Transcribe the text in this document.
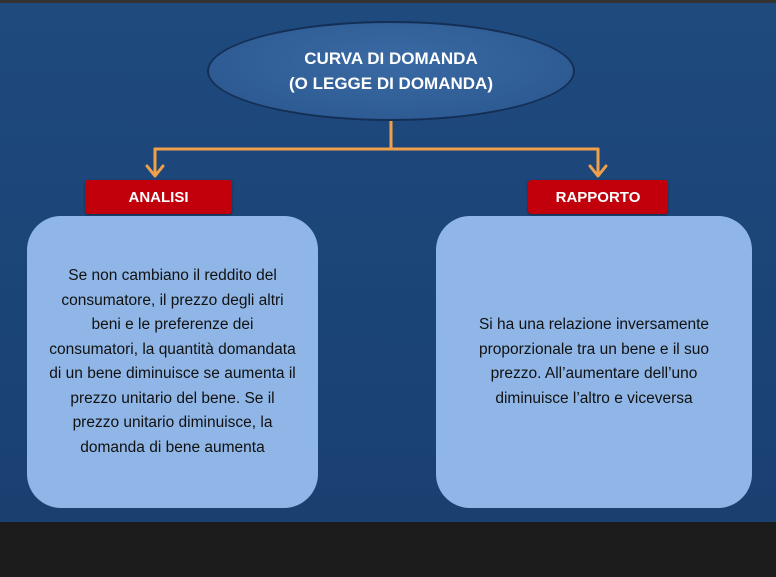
CURVA DI DOMANDA
(O LEGGE DI DOMANDA)
ANALISI	RAPPORTO
Se non cambiano il reddito del consumatore, il prezzo degli altri beni e le preferenze dei consumatori, la quantità domandata di un bene diminuisce se aumenta il prezzo unitario del bene. Se il prezzo unitario diminuisce, la domanda di bene aumenta
Si ha una relazione inversamente proporzionale tra un bene e il suo prezzo. All’aumentare dell’uno diminuisce l’altro e viceversa
